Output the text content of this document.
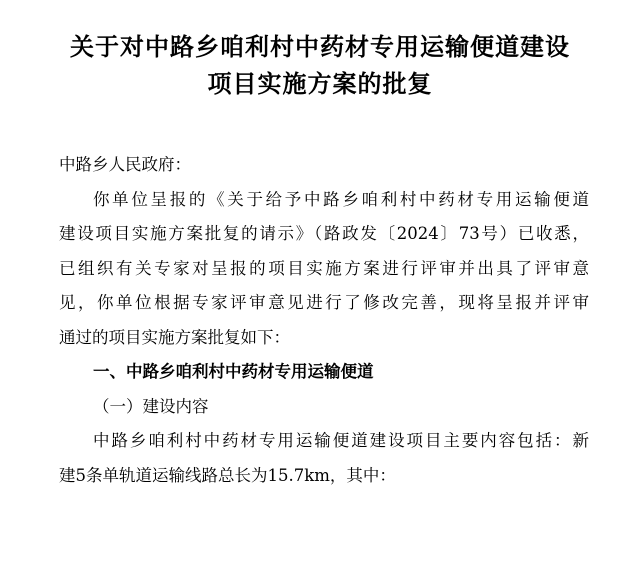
关于对中路乡咱利村中药材专用运输便道建设
项目实施方案的批复
中路乡人民政府：
你单位呈报的《关于给予中路乡咱利村中药材专用运输便道
建设项目实施方案批复的请示》（路政发〔2024〕73号）已收悉，
已组织有关专家对呈报的项目实施方案进行评审并出具了评审意
见，你单位根据专家评审意见进行了修改完善，现将呈报并评审
通过的项目实施方案批复如下：
一、中路乡咱利村中药材专用运输便道
（一）建设内容
中路乡咱利村中药材专用运输便道建设项目主要内容包括：新
建5条单轨道运输线路总长为15.7km，其中：
